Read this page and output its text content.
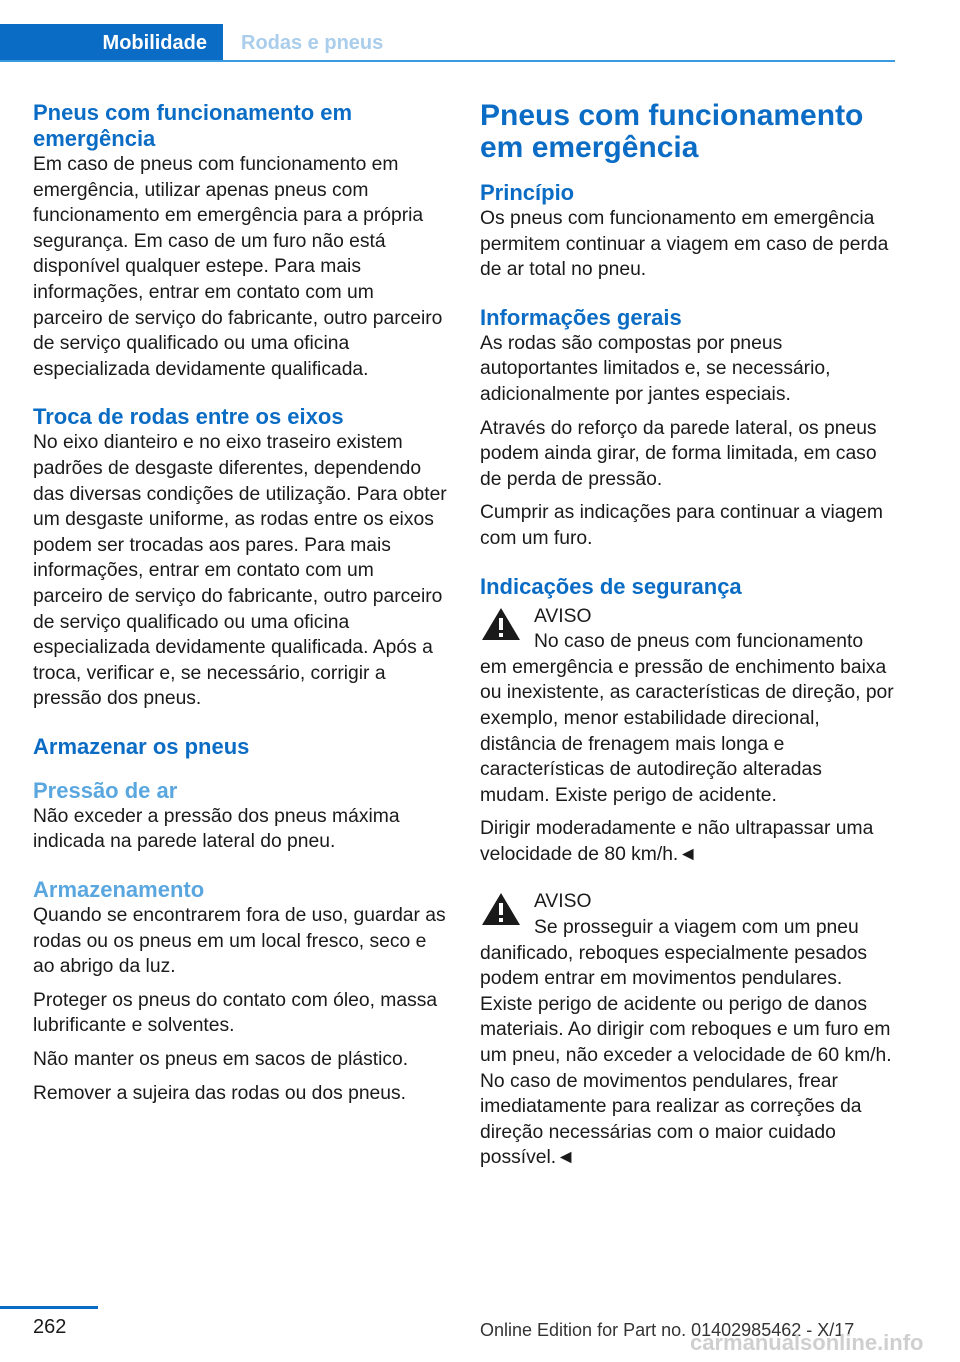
Mobilidade	Rodas e pneus
Pneus com funcionamento em emergência

Em caso de pneus com funcionamento em emergência, utilizar apenas pneus com funcionamento em emergência para a própria segurança. Em caso de um furo não está disponível qualquer estepe. Para mais informações, entrar em contato com um parceiro de serviço do fabricante, outro parceiro de serviço qualificado ou uma oficina especializada devidamente qualificada.

Troca de rodas entre os eixos

No eixo dianteiro e no eixo traseiro existem padrões de desgaste diferentes, dependendo das diversas condições de utilização. Para obter um desgaste uniforme, as rodas entre os eixos podem ser trocadas aos pares. Para mais informações, entrar em contato com um parceiro de serviço do fabricante, outro parceiro de serviço qualificado ou uma oficina especializada devidamente qualificada. Após a troca, verificar e, se necessário, corrigir a pressão dos pneus.

Armazenar os pneus
Pressão de ar

Não exceder a pressão dos pneus máxima indicada na parede lateral do pneu.

Armazenamento

Quando se encontrarem fora de uso, guardar as rodas ou os pneus em um local fresco, seco e ao abrigo da luz.

Proteger os pneus do contato com óleo, massa lubrificante e solventes.

Não manter os pneus em sacos de plástico.

Remover a sujeira das rodas ou dos pneus.

Pneus com funcionamento em emergência
Princípio

Os pneus com funcionamento em emergência permitem continuar a viagem em caso de perda de ar total no pneu.

Informações gerais

As rodas são compostas por pneus autoportantes limitados e, se necessário, adicionalmente por jantes especiais.

Através do reforço da parede lateral, os pneus podem ainda girar, de forma limitada, em caso de perda de pressão.

Cumprir as indicações para continuar a viagem com um furo.

Indicações de segurança

AVISO

No caso de pneus com funcionamento

em emergência e pressão de enchimento baixa ou inexistente, as características de direção, por exemplo, menor estabilidade direcional, distância de frenagem mais longa e características de autodireção alteradas mudam. Existe perigo de acidente.

Dirigir moderadamente e não ultrapassar uma velocidade de 80 km/h.◄

AVISO

Se prosseguir a viagem com um pneu

danificado, reboques especialmente pesados podem entrar em movimentos pendulares. Existe perigo de acidente ou perigo de danos materiais. Ao dirigir com reboques e um furo em um pneu, não exceder a velocidade de 60 km/h. No caso de movimentos pendulares, frear imediatamente para realizar as correções da direção necessárias com o maior cuidado possível.◄

262	Online Edition for Part no. 01402985462 - X/17
carmanualsonline.info
